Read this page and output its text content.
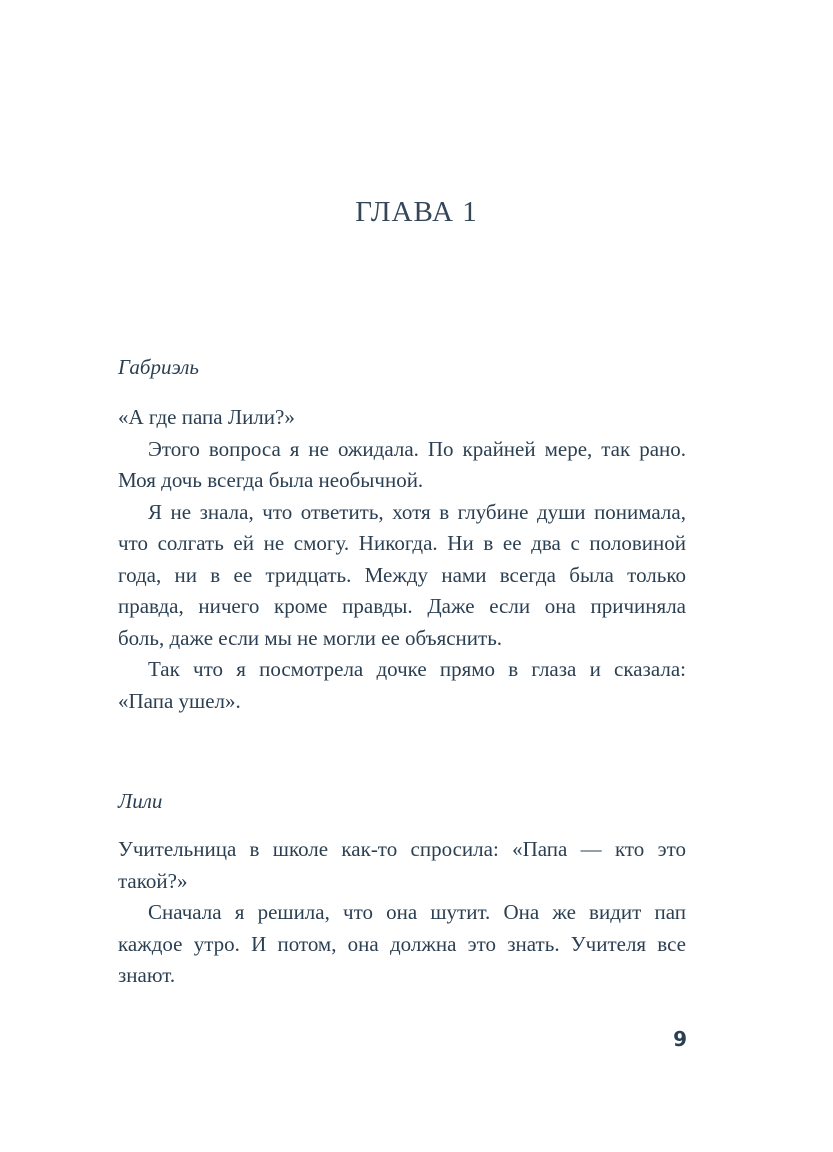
ГЛАВА 1
Габриэль
«А где папа Лили?»
Этого вопроса я не ожидала. По крайней мере, так рано.
Моя дочь всегда была необычной.
Я не знала, что ответить, хотя в глубине души понимала,
что солгать ей не смогу. Никогда. Ни в ее два с половиной
года, ни в ее тридцать. Между нами всегда была только
правда, ничего кроме правды. Даже если она причиняла
боль, даже если мы не могли ее объяснить.
Так что я посмотрела дочке прямо в глаза и сказала:
«Папа ушел».
Лили
Учительница в школе как-то спросила: «Папа — кто это
такой?»
Сначала я решила, что она шутит. Она же видит пап
каждое утро. И потом, она должна это знать. Учителя все
знают.
9
